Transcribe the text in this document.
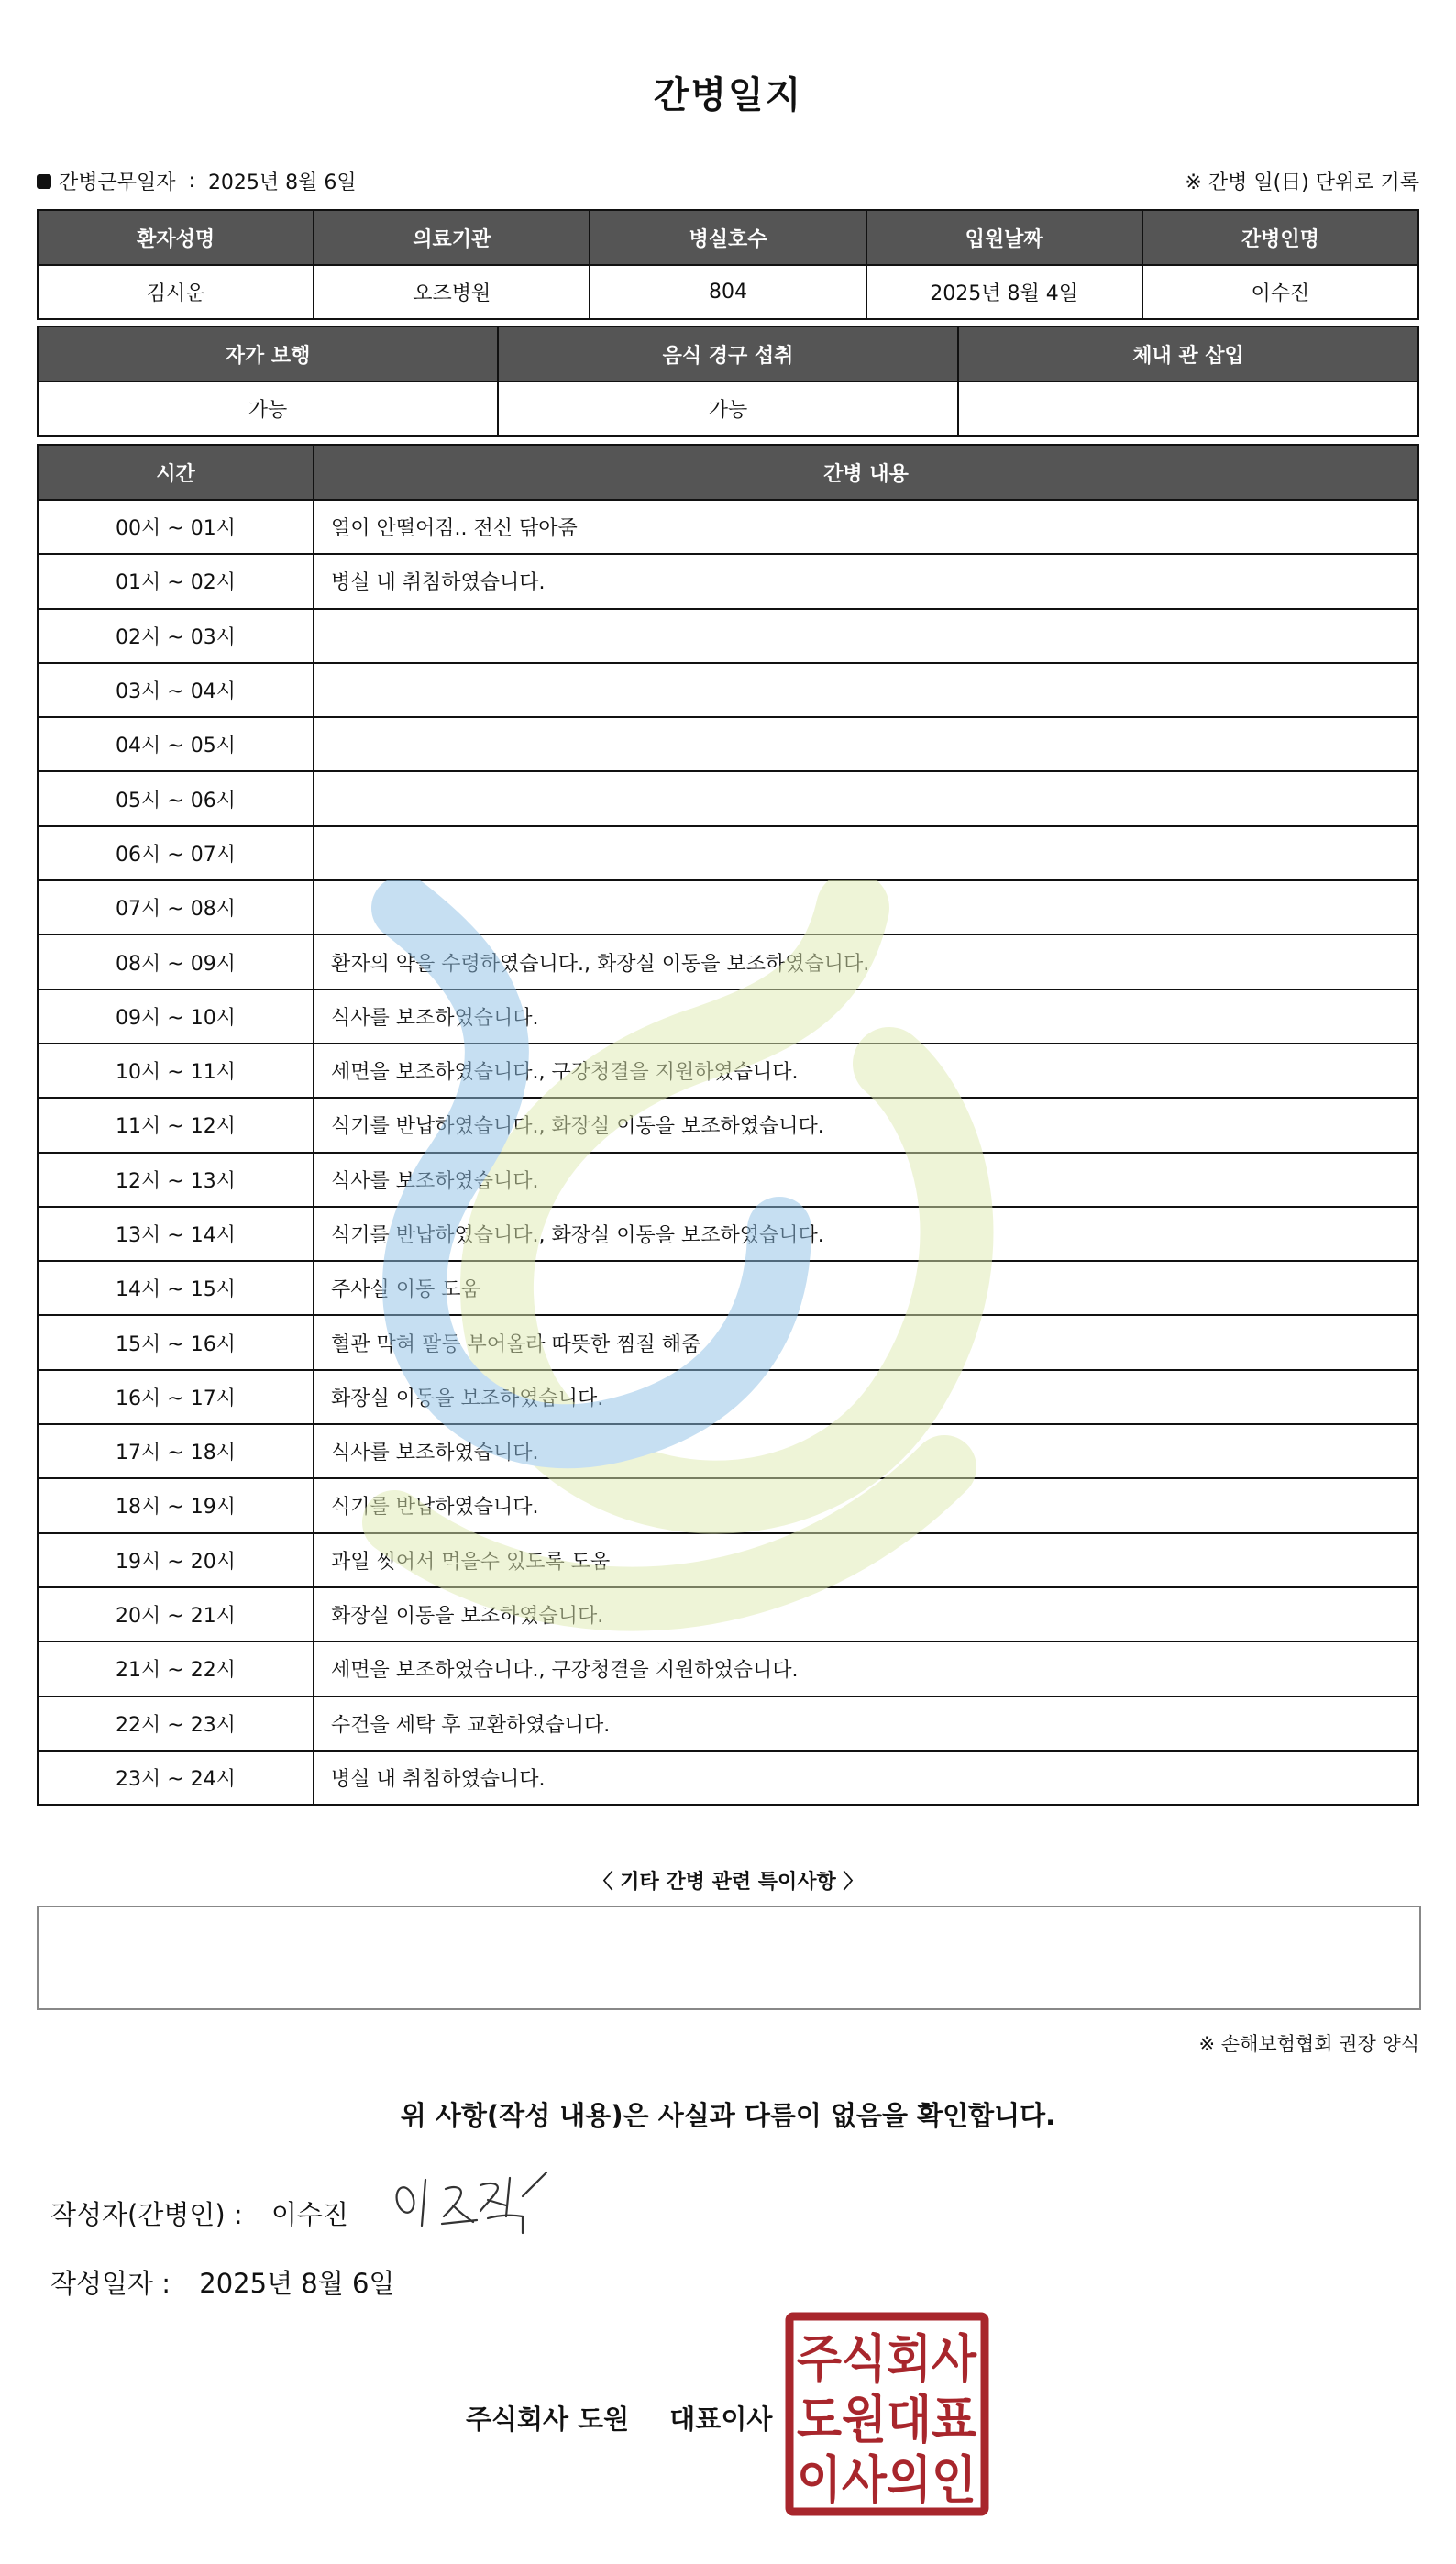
간병일지
간병근무일자 : 2025년 8월 6일	※ 간병 일(日) 단위로 기록
환자성명	의료기관	병실호수	입원날짜	간병인명
김시운	오즈병원	804	2025년 8월 4일	이수진
자가 보행	음식 경구 섭취	체내 관 삽입
가능	가능	
시간	간병 내용
00시 ~ 01시	열이 안떨어짐.. 전신 닦아줌
01시 ~ 02시	병실 내 취침하였습니다.
02시 ~ 03시	
03시 ~ 04시	
04시 ~ 05시	
05시 ~ 06시	
06시 ~ 07시	
07시 ~ 08시	
08시 ~ 09시	환자의 약을 수령하였습니다., 화장실 이동을 보조하였습니다.
09시 ~ 10시	식사를 보조하였습니다.
10시 ~ 11시	세면을 보조하였습니다., 구강청결을 지원하였습니다.
11시 ~ 12시	식기를 반납하였습니다., 화장실 이동을 보조하였습니다.
12시 ~ 13시	식사를 보조하였습니다.
13시 ~ 14시	식기를 반납하였습니다., 화장실 이동을 보조하였습니다.
14시 ~ 15시	주사실 이동 도움
15시 ~ 16시	혈관 막혀 팔등 부어올라 따뜻한 찜질 해줌
16시 ~ 17시	화장실 이동을 보조하였습니다.
17시 ~ 18시	식사를 보조하였습니다.
18시 ~ 19시	식기를 반납하였습니다.
19시 ~ 20시	과일 씻어서 먹을수 있도록 도움
20시 ~ 21시	화장실 이동을 보조하였습니다.
21시 ~ 22시	세면을 보조하였습니다., 구강청결을 지원하였습니다.
22시 ~ 23시	수건을 세탁 후 교환하였습니다.
23시 ~ 24시	병실 내 취침하였습니다.
〈 기타 간병 관련 특이사항 〉
※ 손해보험협회 권장 양식
위 사항(작성 내용)은 사실과 다름이 없음을 확인합니다.
작성자(간병인) : 이수진
작성일자 : 2025년 8월 6일
주식회사 도원 대표이사
주식회사
도원대표
이사의인
